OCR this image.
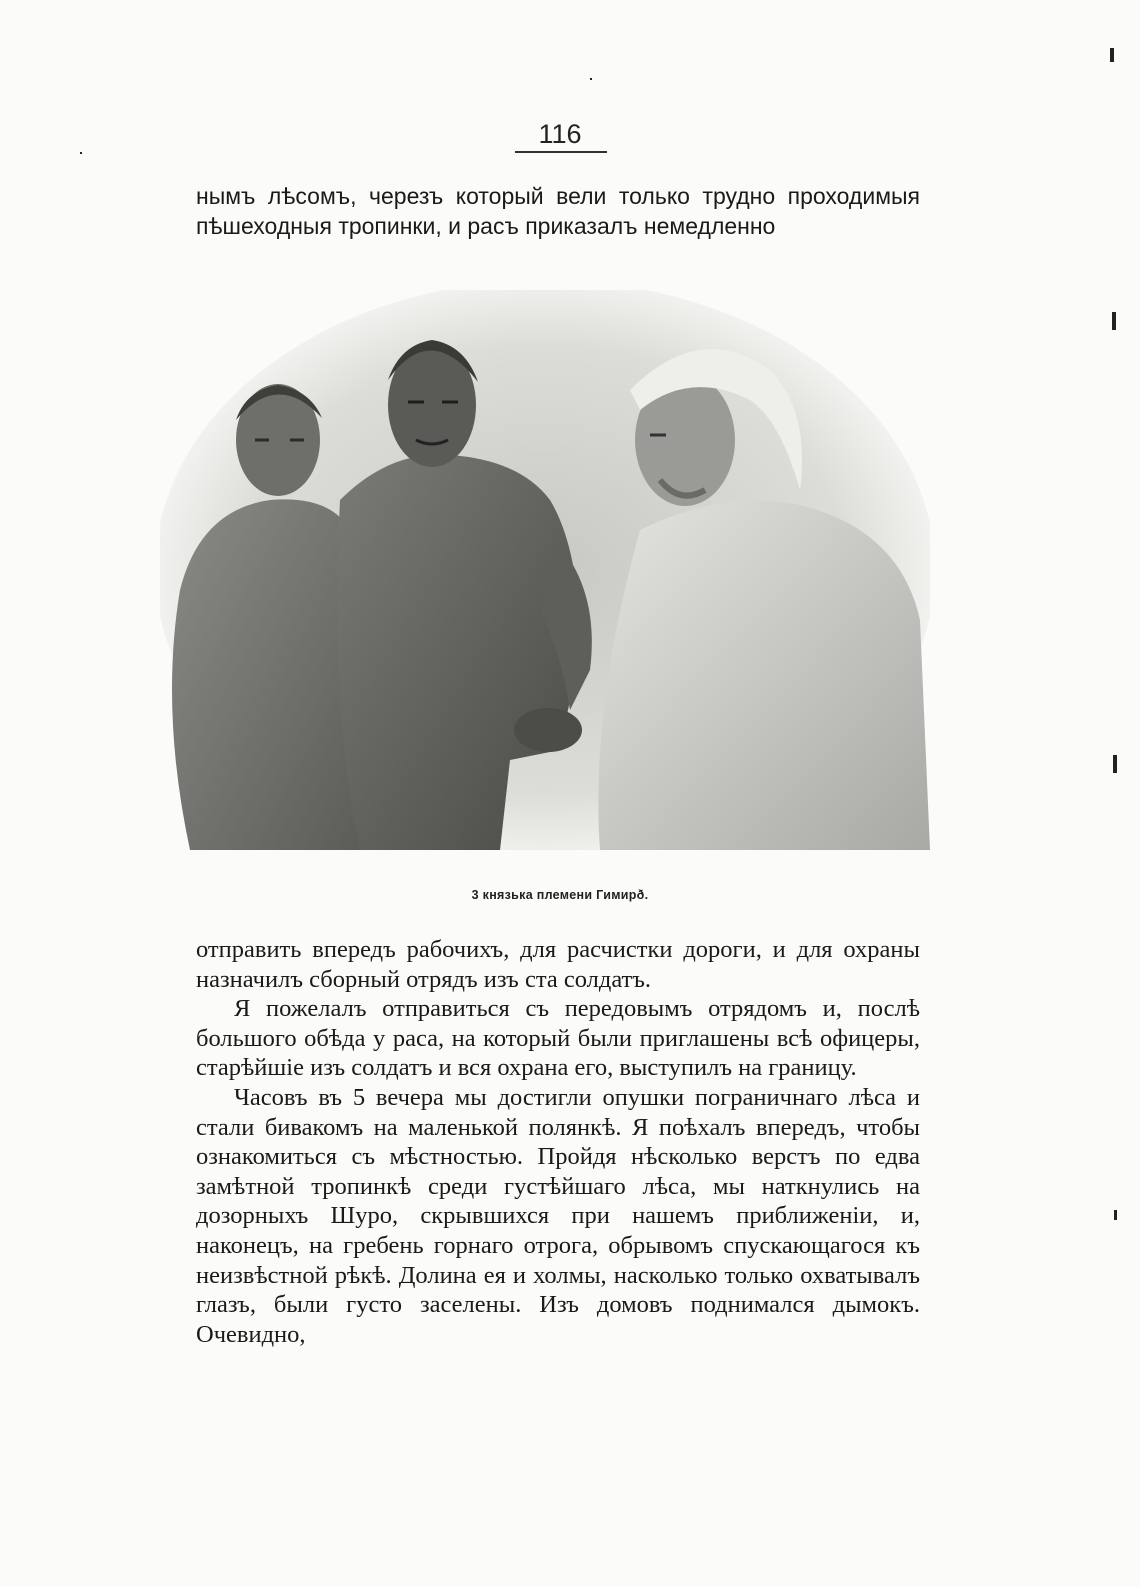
116

нымъ лѣсомъ, черезъ который вели только трудно проходимыя пѣшеходныя тропинки, и расъ приказалъ немедленно

3 князька племени Гимирð.

отправить впередъ рабочихъ, для расчистки дороги, и для охраны назначилъ сборный отрядъ изъ ста солдатъ.

Я пожелалъ отправиться съ передовымъ отрядомъ и, послѣ большого обѣда у раса, на который были приглашены всѣ офицеры, старѣйшіе изъ солдатъ и вся охрана его, выступилъ на границу.

Часовъ въ 5 вечера мы достигли опушки пограничнаго лѣса и стали бивакомъ на маленькой полянкѣ. Я поѣхалъ впередъ, чтобы ознакомиться съ мѣстностью. Пройдя нѣсколько верстъ по едва замѣтной тропинкѣ среди густѣйшаго лѣса, мы наткнулись на дозорныхъ Шуро, скрывшихся при нашемъ приближеніи, и, наконецъ, на гребень горнаго отрога, обрывомъ спускающагося къ неизвѣстной рѣкѣ. Долина ея и холмы, насколько только охватывалъ глазъ, были густо заселены. Изъ домовъ поднимался дымокъ. Очевидно,
